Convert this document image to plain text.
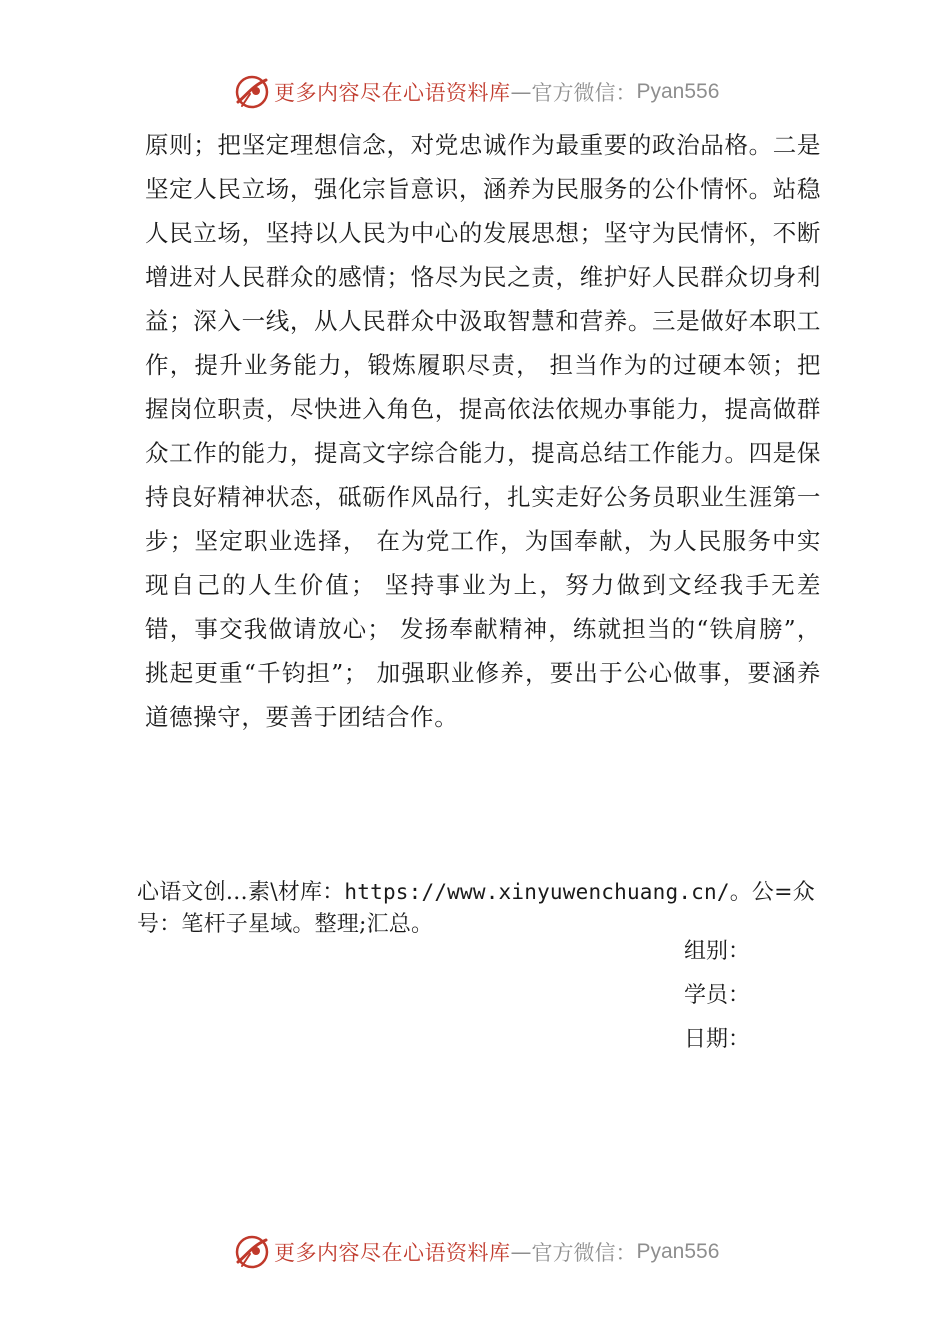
更多内容尽在心语资料库 — 官方微信： Pyan556

原则；把坚定理想信念，对党忠诚作为最重要的政治品格。二是坚定人民立场，强化宗旨意识，涵养为民服务的公仆情怀。站稳人民立场，坚持以人民为中心的发展思想；坚守为民情怀，不断增进对人民群众的感情；恪尽为民之责，维护好人民群众切身利益；深入一线，从人民群众中汲取智慧和营养。三是做好本职工作，提升业务能力，锻炼履职尽责， 担当作为的过硬本领；把握岗位职责，尽快进入角色，提高依法依规办事能力，提高做群众工作的能力，提高文字综合能力，提高总结工作能力。四是保持良好精神状态，砥砺作风品行，扎实走好公务员职业生涯第一步；坚定职业选择， 在为党工作，为国奉献，为人民服务中实现自己的人生价值； 坚持事业为上，努力做到文经我手无差错，事交我做请放心； 发扬奉献精神，练就担当的“铁肩膀”，挑起更重“千钧担”； 加强职业修养，要出于公心做事，要涵养道德操守，要善于团结合作。

心语文创…素\材库：https://www.xinyuwenchuang.cn/。公=众号：笔杆子星域。整理;汇总。

组别：
学员：
日期：
更多内容尽在心语资料库 — 官方微信： Pyan556
